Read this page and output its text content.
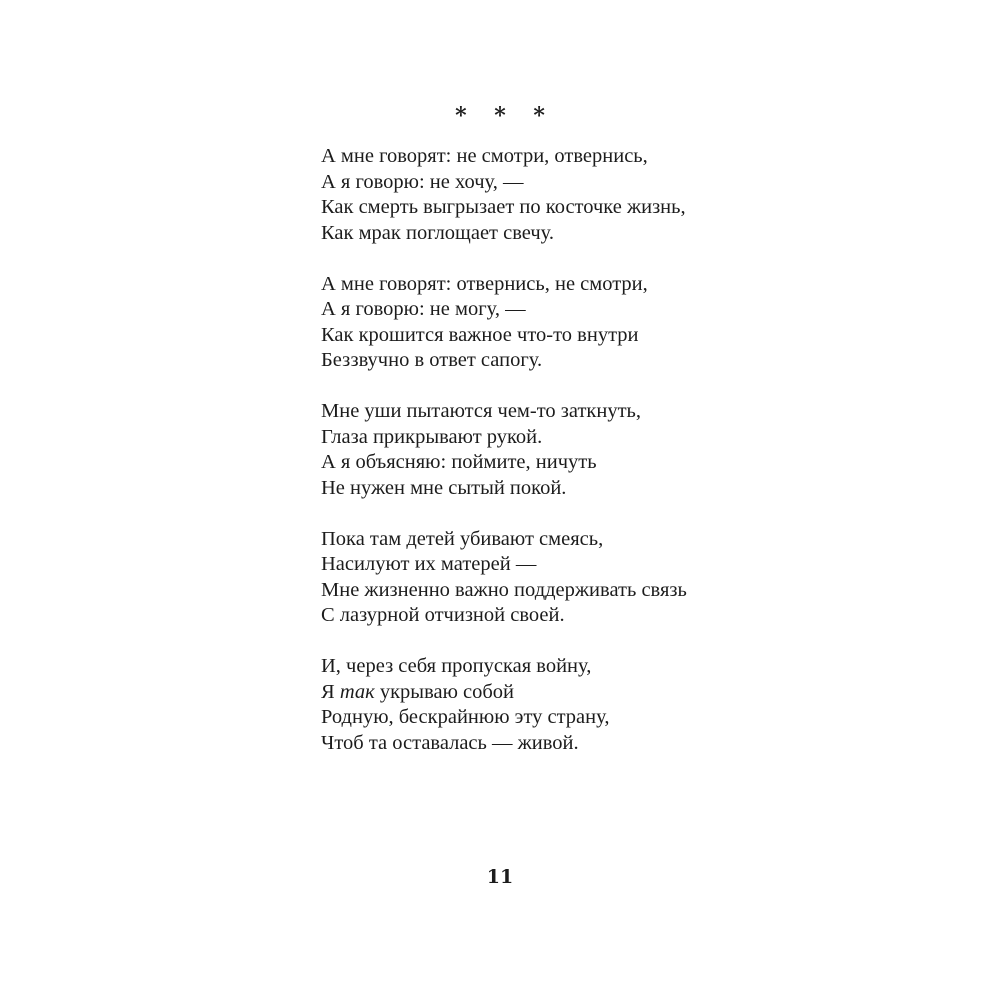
* * *
А мне говорят: не смотри, отвернись,
А я говорю: не хочу, —
Как смерть выгрызает по косточке жизнь,
Как мрак поглощает свечу.
А мне говорят: отвернись, не смотри,
А я говорю: не могу, —
Как крошится важное что-то внутри
Беззвучно в ответ сапогу.
Мне уши пытаются чем-то заткнуть,
Глаза прикрывают рукой.
А я объясняю: поймите, ничуть
Не нужен мне сытый покой.
Пока там детей убивают смеясь,
Насилуют их матерей —
Мне жизненно важно поддерживать связь
С лазурной отчизной своей.
И, через себя пропуская войну,
Я так укрываю собой
Родную, бескрайнюю эту страну,
Чтоб та оставалась — живой.
11
